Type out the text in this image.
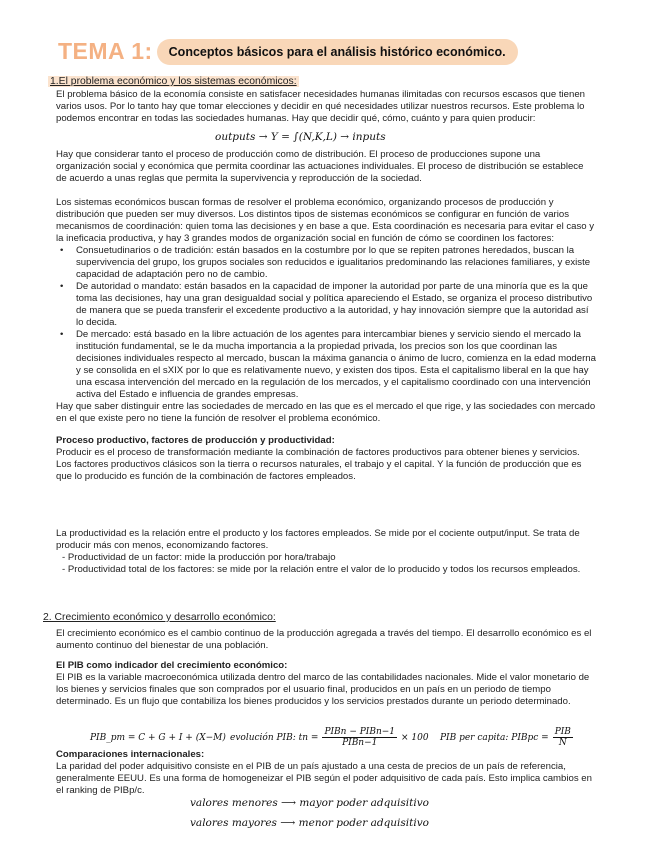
TEMA 1: Conceptos básicos para el análisis histórico económico.
1.El problema económico y los sistemas económicos:

El problema básico de la economía consiste en satisfacer necesidades humanas ilimitadas con recursos escasos que tienen varios usos. Por lo tanto hay que tomar elecciones y decidir en qué necesidades utilizar nuestros recursos. Este problema lo podemos encontrar en todas las sociedades humanas. Hay que decidir qué, cómo, cuánto y para quien producir:

outputs → Y = ∫(N,K,L) → inputs

Hay que considerar tanto el proceso de producción como de distribución. El proceso de producciones supone una organización social y económica que permita coordinar las actuaciones individuales. El proceso de distribución se establece de acuerdo a unas reglas que permita la supervivencia y reproducción de la sociedad.

Los sistemas económicos buscan formas de resolver el problema económico, organizando procesos de producción y distribución que pueden ser muy diversos. Los distintos tipos de sistemas económicos se configurar en función de varios mecanismos de coordinación: quien toma las decisiones y en base a que. Esta coordinación es necesaria para evitar el caso y la ineficacia productiva, y hay 3 grandes modos de organización social en función de cómo se coordinen los factores:

• Consuetudinarios o de tradición: están basados en la costumbre por lo que se repiten patrones heredados, buscan la supervivencia del grupo, los grupos sociales son reducidos e igualitarios predominando las relaciones familiares, y existe capacidad de adaptación pero no de cambio.
• De autoridad o mandato: están basados en la capacidad de imponer la autoridad por parte de una minoría que es la que toma las decisiones, hay una gran desigualdad social y política apareciendo el Estado, se organiza el proceso distributivo de manera que se pueda transferir el excedente productivo a la autoridad, y hay innovación siempre que la autoridad así lo decida.
• De mercado: está basado en la libre actuación de los agentes para intercambiar bienes y servicio siendo el mercado la institución fundamental, se le da mucha importancia a la propiedad privada, los precios son los que coordinan las decisiones individuales respecto al mercado, buscan la máxima ganancia o ánimo de lucro, comienza en la edad moderna y se consolida en el sXIX por lo que es relativamente nuevo, y existen dos tipos. Esta el capitalismo liberal en la que hay una escasa intervención del mercado en la regulación de los mercados, y el capitalismo coordinado con una intervención activa del Estado e influencia de grandes empresas.

Hay que saber distinguir entre las sociedades de mercado en las que es el mercado el que rige, y las sociedades con mercado en el que existe pero no tiene la función de resolver el problema económico.

Proceso productivo, factores de producción y productividad:

Producir es el proceso de transformación mediante la combinación de factores productivos para obtener bienes y servicios. Los factores productivos clásicos son la tierra o recursos naturales, el trabajo y el capital. Y la función de producción que es que lo producido es función de la combinación de factores empleados.

La productividad es la relación entre el producto y los factores empleados. Se mide por el cociente output/input. Se trata de producir más con menos, economizando factores.

- Productividad de un factor: mide la producción por hora/trabajo

- Productividad total de los factores: se mide por la relación entre el valor de lo producido y todos los recursos empleados.

2. Crecimiento económico y desarrollo económico:

El crecimiento económico es el cambio continuo de la producción agregada a través del tiempo. El desarrollo económico es el aumento continuo del bienestar de una población.

El PIB como indicador del crecimiento económico:

El PIB es la variable macroeconómica utilizada dentro del marco de las contabilidades nacionales. Mide el valor monetario de los bienes y servicios finales que son comprados por el usuario final, producidos en un país en un periodo de tiempo determinado. Es un flujo que contabiliza los bienes producidos y los servicios prestados durante un periodo determinado.

PIB_pm = C + G + I + (X−M) evolución PIB: tn =
PIBn − PIBn−1
PIBn−1
× 100 PIB per capita: PIBpc =
PIB
N

Comparaciones internacionales:

La paridad del poder adquisitivo consiste en el PIB de un país ajustado a una cesta de precios de un país de referencia, generalmente EEUU. Es una forma de homogeneizar el PIB según el poder adquisitivo de cada país. Esto implica cambios en el ranking de PIBp/c.

valores menores ⟶ mayor poder adquisitivo
valores mayores ⟶ menor poder adquisitivo
